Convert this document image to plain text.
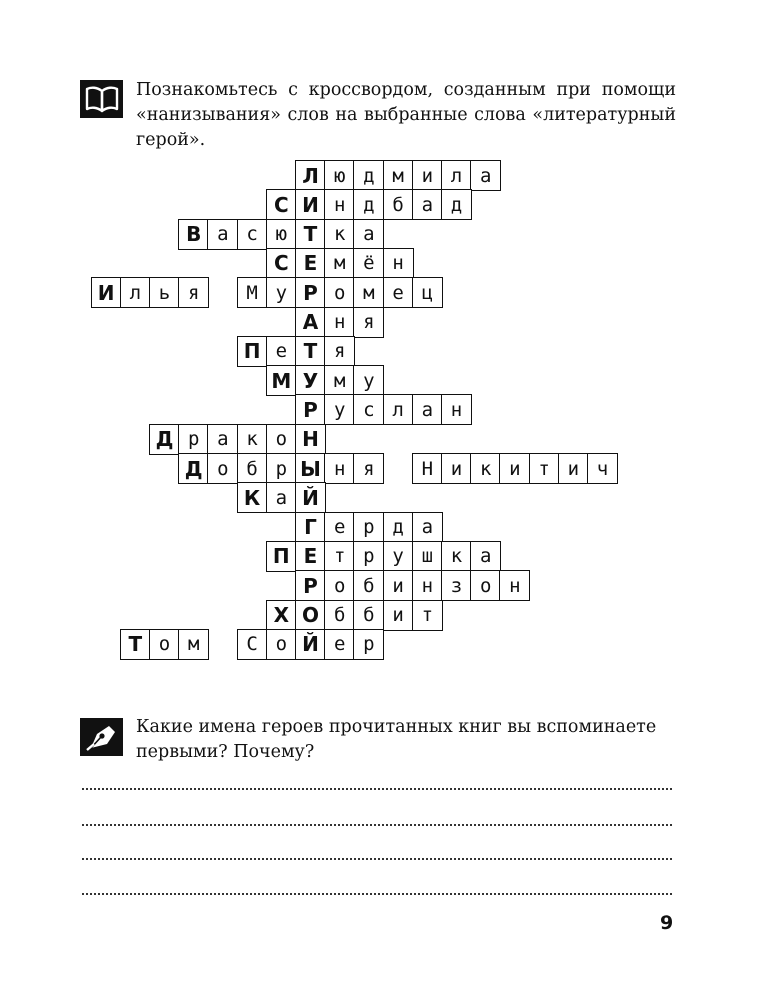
Познакомьтесь с кроссвордом, созданным при помощи «нанизывания» слов на выбранные слова «литературный герой».
Л ю д м и л а
С И н д б а д
В а с ю Т к а
С Е м ё н
И л ь я	М у Р о м е ц
А н я
П е Т я
М У м у
Р у с л а н
Д р а к о Н
Д о б р Ы н я	Н и к и т и ч
К а Й
Г е р д а
П Е т р у ш к а
Р о б и н з о н
Х О б б и т
Т о м	С о Й е р
Какие имена героев прочитанных книг вы вспоминаете первыми? Почему?
9
